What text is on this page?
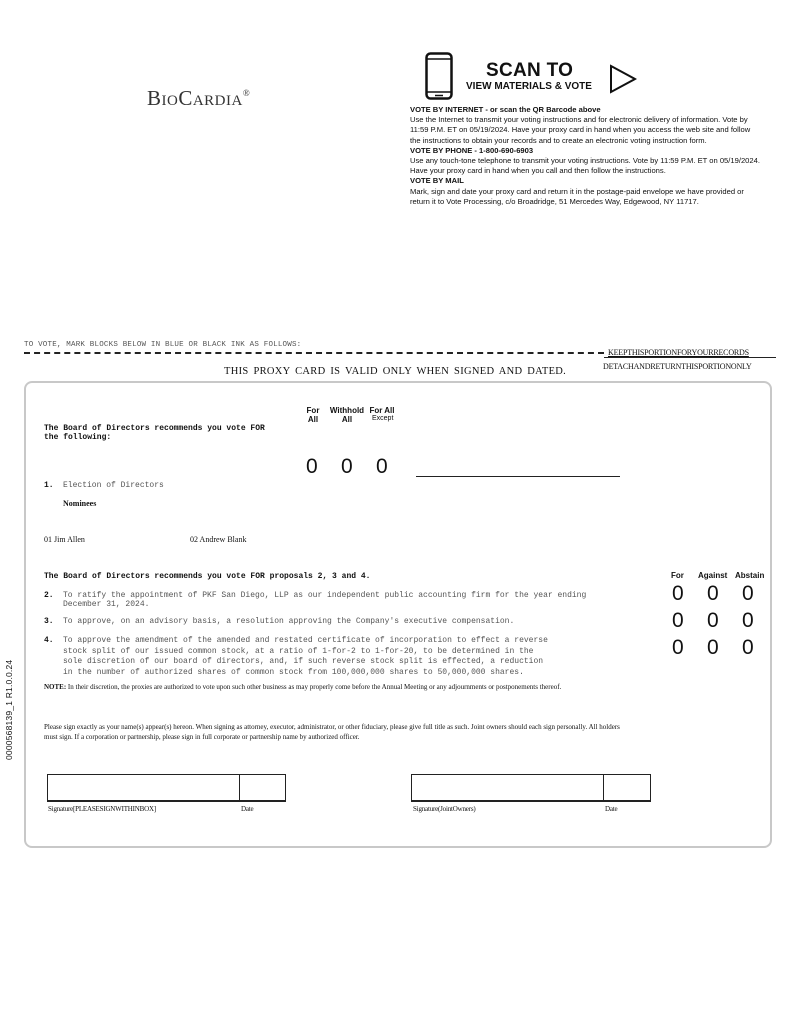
BioCardia®
SCAN TO
VIEW MATERIALS & VOTE
VOTE BY INTERNET - or scan the QR Barcode above
Use the Internet to transmit your voting instructions and for electronic delivery of information. Vote by 11:59 P.M. ET on 05/19/2024. Have your proxy card in hand when you access the web site and follow the instructions to obtain your records and to create an electronic voting instruction form.
VOTE BY PHONE - 1-800-690-6903
Use any touch-tone telephone to transmit your voting instructions. Vote by 11:59 P.M. ET on 05/19/2024. Have your proxy card in hand when you call and then follow the instructions.
VOTE BY MAIL
Mark, sign and date your proxy card and return it in the postage-paid envelope we have provided or return it to Vote Processing, c/o Broadridge, 51 Mercedes Way, Edgewood, NY 11717.
TO VOTE, MARK BLOCKS BELOW IN BLUE OR BLACK INK AS FOLLOWS:
KEEPTHISPORTIONFORYOURRECORDS
DETACHANDRETURNTHISPORTIONONLY
THIS PROXY CARD IS VALID ONLY WHEN SIGNED AND DATED.
The Board of Directors recommends you vote FOR
the following:
For
All
Withhold
All
For All
Except
0 0 0
1. Election of Directors
Nominees
01 Jim Allen	02 Andrew Blank
The Board of Directors recommends you vote FOR proposals 2, 3 and 4.	For Against Abstain
2. To ratify the appointment of PKF San Diego, LLP as our independent public accounting firm for the year ending
December 31, 2024.	0 0 0
3. To approve, on an advisory basis, a resolution approving the Company's executive compensation.	0 0 0
4. To approve the amendment of the amended and restated certificate of incorporation to effect a reverse
stock split of our issued common stock, at a ratio of 1-for-2 to 1-for-20, to be determined in the
sole discretion of our board of directors, and, if such reverse stock split is effected, a reduction
in the number of authorized shares of common stock from 100,000,000 shares to 50,000,000 shares.
0 0 0
NOTE: In their discretion, the proxies are authorized to vote upon such other business as may properly come before the Annual Meeting or any adjournments or postponements thereof.
Please sign exactly as your name(s) appear(s) hereon. When signing as attorney, executor, administrator, or other fiduciary, please give full title as such. Joint owners should each sign personally. All holders must sign. If a corporation or partnership, please sign in full corporate or partnership name by authorized officer.
Signature[PLEASESIGNWITHINBOX]	Date	Signature(JointOwners)	Date
0000568139_1 R1.0.0.24
